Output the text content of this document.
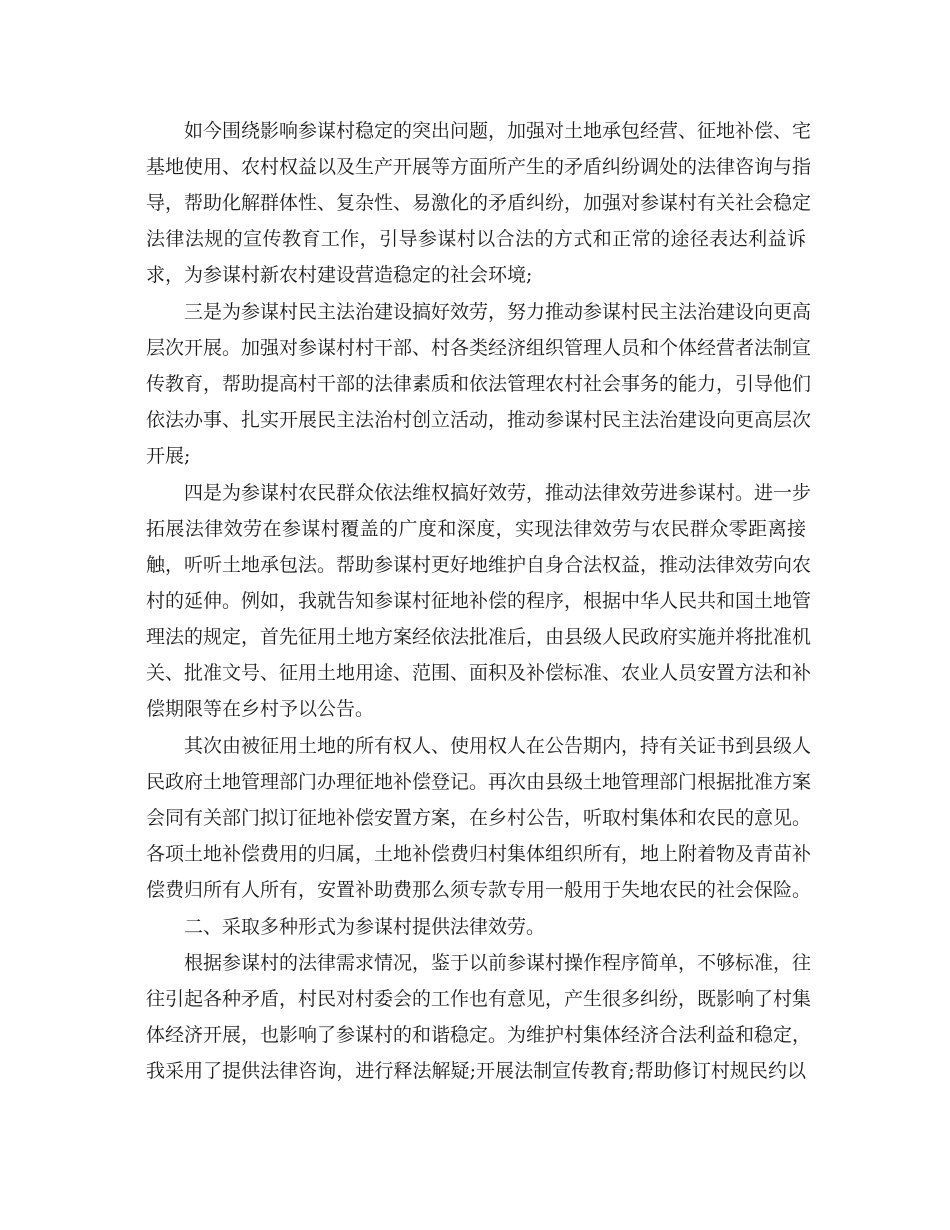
如今围绕影响参谋村稳定的突出问题，加强对土地承包经营、征地补偿、宅
基地使用、农村权益以及生产开展等方面所产生的矛盾纠纷调处的法律咨询与指
导，帮助化解群体性、复杂性、易激化的矛盾纠纷，加强对参谋村有关社会稳定
法律法规的宣传教育工作，引导参谋村以合法的方式和正常的途径表达利益诉
求，为参谋村新农村建设营造稳定的社会环境;
三是为参谋村民主法治建设搞好效劳，努力推动参谋村民主法治建设向更高
层次开展。加强对参谋村村干部、村各类经济组织管理人员和个体经营者法制宣
传教育，帮助提高村干部的法律素质和依法管理农村社会事务的能力，引导他们
依法办事、扎实开展民主法治村创立活动，推动参谋村民主法治建设向更高层次
开展;
四是为参谋村农民群众依法维权搞好效劳，推动法律效劳进参谋村。进一步
拓展法律效劳在参谋村覆盖的广度和深度，实现法律效劳与农民群众零距离接
触，听听土地承包法。帮助参谋村更好地维护自身合法权益，推动法律效劳向农
村的延伸。例如，我就告知参谋村征地补偿的程序，根据中华人民共和国土地管
理法的规定，首先征用土地方案经依法批准后，由县级人民政府实施并将批准机
关、批准文号、征用土地用途、范围、面积及补偿标准、农业人员安置方法和补
偿期限等在乡村予以公告。
其次由被征用土地的所有权人、使用权人在公告期内，持有关证书到县级人
民政府土地管理部门办理征地补偿登记。再次由县级土地管理部门根据批准方案
会同有关部门拟订征地补偿安置方案，在乡村公告，听取村集体和农民的意见。
各项土地补偿费用的归属，土地补偿费归村集体组织所有，地上附着物及青苗补
偿费归所有人所有，安置补助费那么须专款专用一般用于失地农民的社会保险。
二、采取多种形式为参谋村提供法律效劳。
根据参谋村的法律需求情况，鉴于以前参谋村操作程序简单，不够标准，往
往引起各种矛盾，村民对村委会的工作也有意见，产生很多纠纷，既影响了村集
体经济开展，也影响了参谋村的和谐稳定。为维护村集体经济合法利益和稳定，
我采用了提供法律咨询，进行释法解疑;开展法制宣传教育;帮助修订村规民约以
